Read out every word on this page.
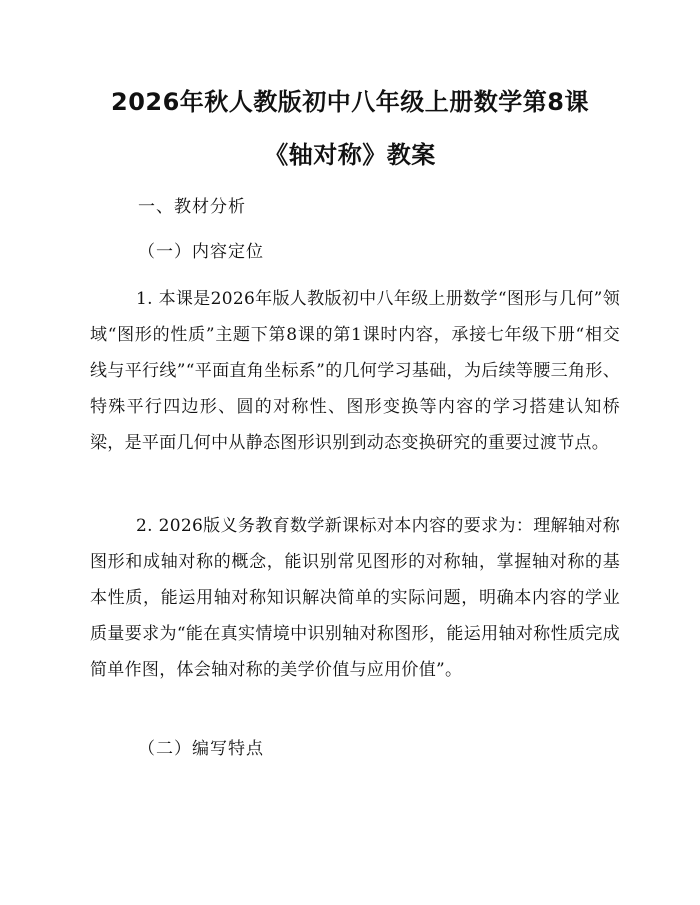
2026年秋人教版初中八年级上册数学第8课
《轴对称》教案
一、教材分析
（一）内容定位
1. 本课是2026年版人教版初中八年级上册数学“图形与几何”领域“图形的性质”主题下第8课的第1课时内容，承接七年级下册“相交线与平行线”“平面直角坐标系”的几何学习基础，为后续等腰三角形、特殊平行四边形、圆的对称性、图形变换等内容的学习搭建认知桥梁，是平面几何中从静态图形识别到动态变换研究的重要过渡节点。
2. 2026版义务教育数学新课标对本内容的要求为：理解轴对称图形和成轴对称的概念，能识别常见图形的对称轴，掌握轴对称的基本性质，能运用轴对称知识解决简单的实际问题，明确本内容的学业质量要求为“能在真实情境中识别轴对称图形，能运用轴对称性质完成简单作图，体会轴对称的美学价值与应用价值”。
（二）编写特点
